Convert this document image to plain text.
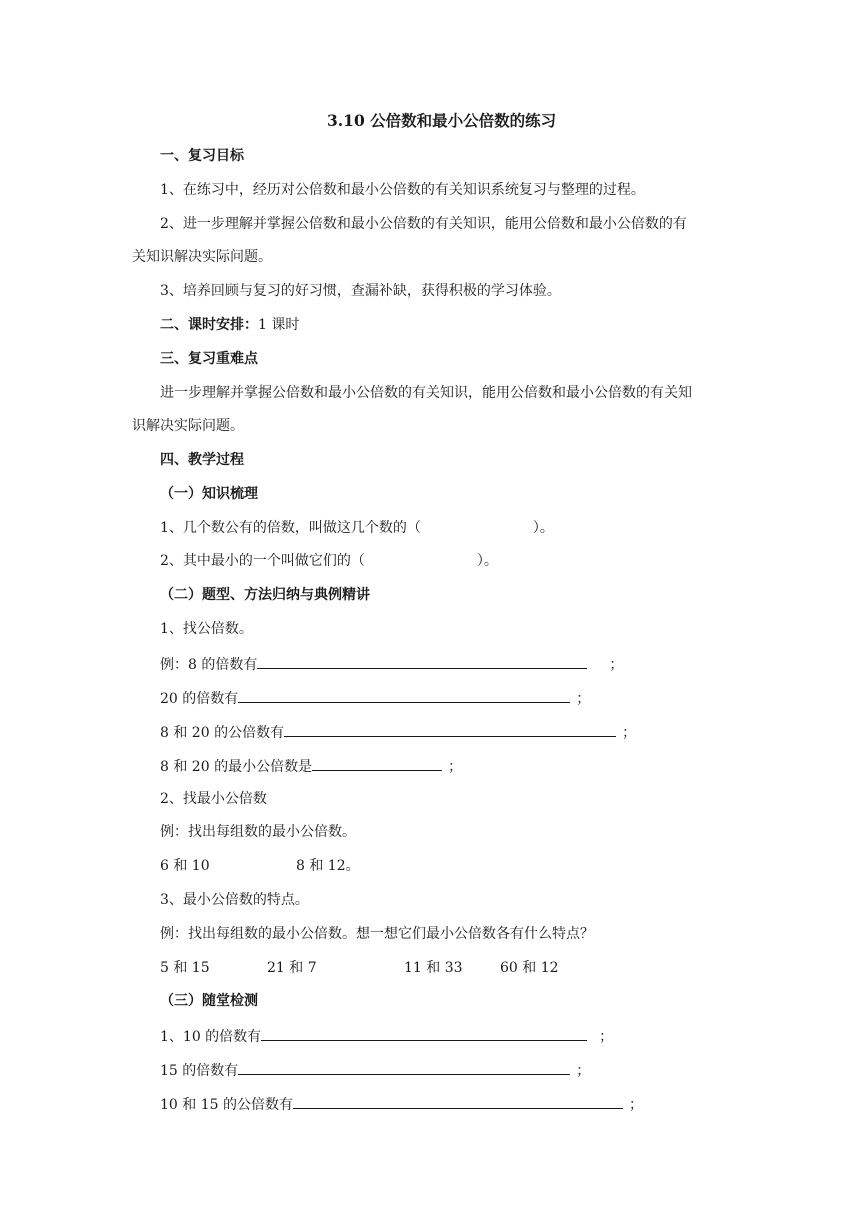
3.10 公倍数和最小公倍数的练习
一、复习目标
1、在练习中，经历对公倍数和最小公倍数的有关知识系统复习与整理的过程。
2、进一步理解并掌握公倍数和最小公倍数的有关知识，能用公倍数和最小公倍数的有
关知识解决实际问题。
3、培养回顾与复习的好习惯，查漏补缺，获得积极的学习体验。
二、课时安排：1 课时
三、复习重难点
进一步理解并掌握公倍数和最小公倍数的有关知识，能用公倍数和最小公倍数的有关知
识解决实际问题。
四、教学过程
（一）知识梳理
1、几个数公有的倍数，叫做这几个数的（	）。
2、其中最小的一个叫做它们的（	）。
（二）题型、方法归纳与典例精讲
1、找公倍数。
例：8 的倍数有	；
20 的倍数有	；
8 和 20 的公倍数有	；
8 和 20 的最小公倍数是	；
2、找最小公倍数
例：找出每组数的最小公倍数。
6 和 10	8 和 12。
3、最小公倍数的特点。
例：找出每组数的最小公倍数。想一想它们最小公倍数各有什么特点？
5 和 15	21 和 7	11 和 33	60 和 12
（三）随堂检测
1、10 的倍数有	；
15 的倍数有	；
10 和 15 的公倍数有	；
